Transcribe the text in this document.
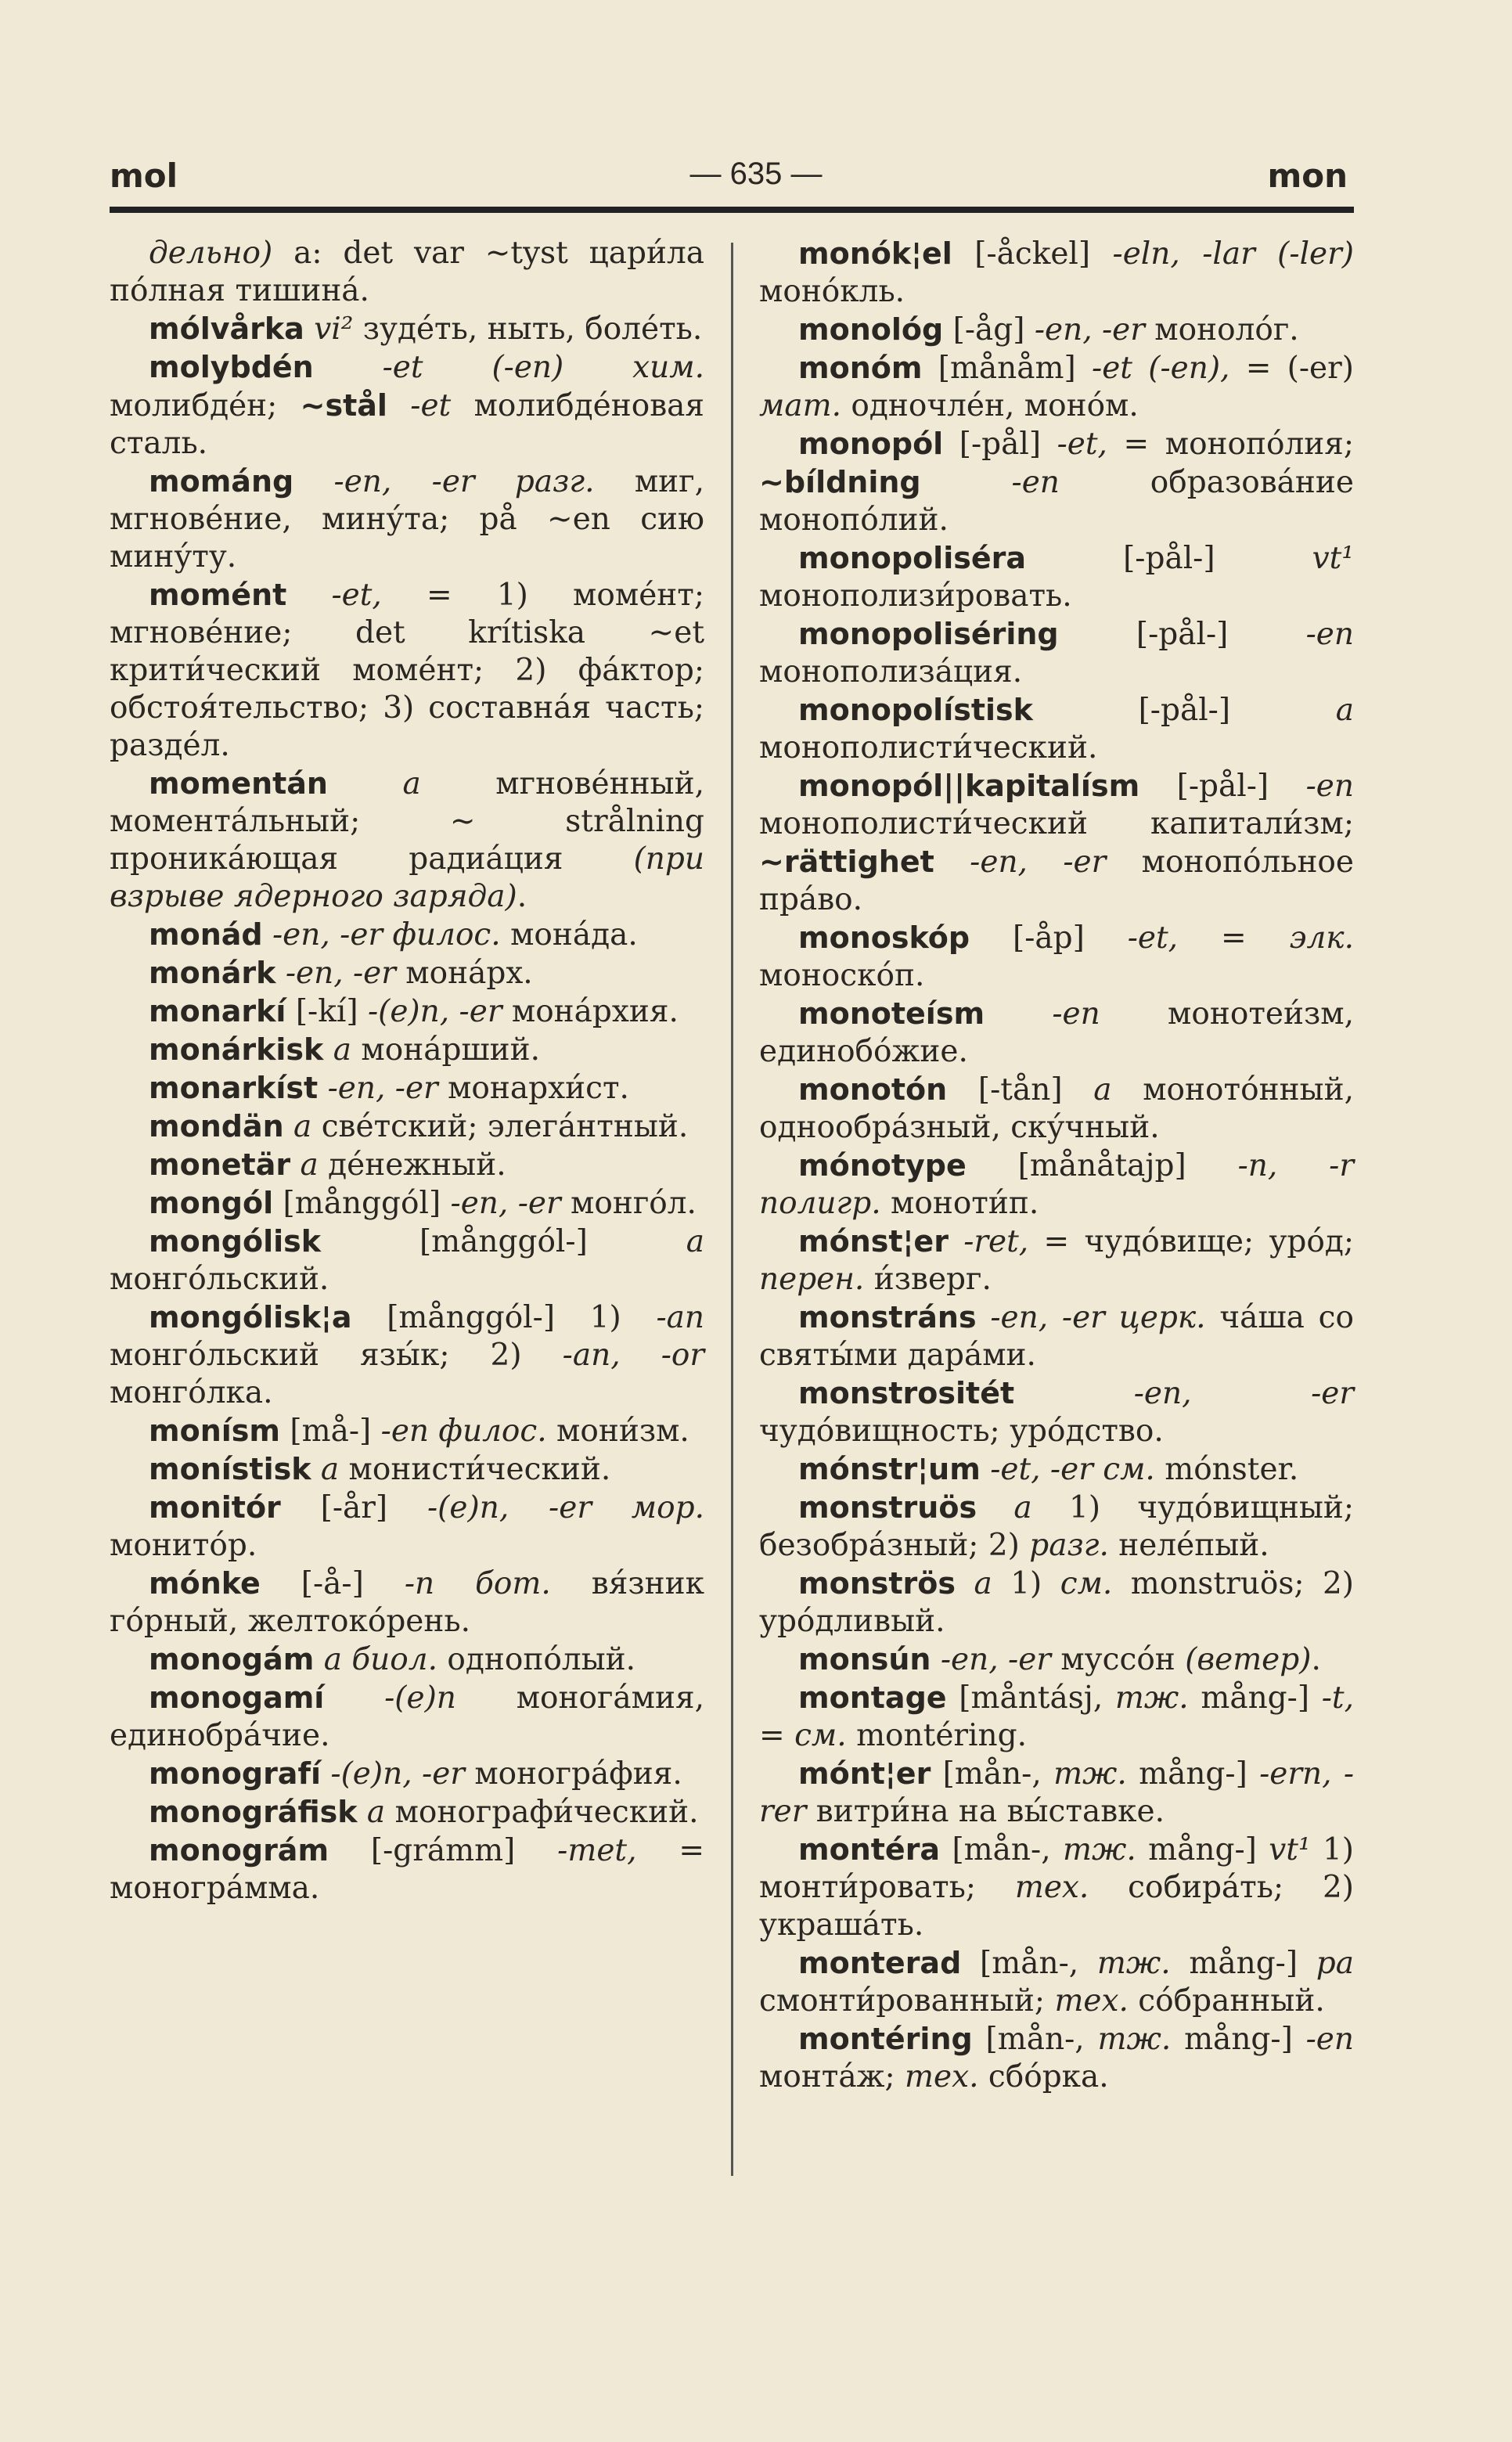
mol	— 635 —	mon

дельно) a: det var ~tyst цари́ла по́лная тишина́.

mólvårka vi² зуде́ть, ныть, боле́ть.

molybdén -et (-en) хим. молибде́н; ~stål -et молибде́новая сталь.

mománg -en, -er разг. миг, мгнове́ние, мину́та; på ~en сию мину́ту.

momént -et, = 1) моме́нт; мгнове́ние; det krítiska ~et крити́ческий моме́нт; 2) фа́ктор; обстоя́тельство; 3) составна́я часть; разде́л.

momentán a мгнове́нный, момента́льный; ~ strålning проника́ющая радиа́ция (при взрыве ядерного заряда).

monád -en, -er филос. мона́да.

monárk -en, -er мона́рх.

monarkí [-kí] -(e)n, -er мона́рхия.

monárkisk a мона́рший.

monarkíst -en, -er монархи́ст.

mondän a све́тский; элега́нтный.

monetär a де́нежный.

mongól [månggól] -en, -er монго́л.

mongólisk [månggól-] a монго́льский.

mongólisk¦a [månggól-] 1) -an монго́льский язы́к; 2) -an, -or монго́лка.

monísm [må-] -en филос. мони́зм.

monístisk a монисти́ческий.

monitór [-år] -(e)n, -er мор. монито́р.

mónke [-å-] -n бот. вя́зник го́рный, желтоко́рень.

monogám a биол. однопо́лый.

monogamí -(e)n монога́мия, единобра́чие.

monografí -(e)n, -er моногра́фия.

monográfisk a монографи́ческий.

monográm [-grámm] -met, = моногра́мма.

monók¦el [-åckel] -eln, -lar (-ler) моно́кль.

monológ [-åg] -en, -er моноло́г.

monóm [månåm] -et (-en), = (-er) мат. одночле́н, моно́м.

monopól [-pål] -et, = монопо́лия; ~bíldning -en образова́ние монопо́лий.

monopoliséra [-pål-] vt¹ монополизи́ровать.

monopolisе́ring [-pål-] -en монополиза́ция.

monopolístisk [-pål-] a монополисти́ческий.

monopól||kapitalísm [-pål-] -en монополисти́ческий капитали́зм; ~rättighet -en, -er монопо́льное пра́во.

monoskóp [-åp] -et, = элк. моноско́п.

monoteísm -en монотеи́зм, единобо́жие.

monotón [-tån] a моното́нный, однообра́зный, ску́чный.

mónotype [månåtajp] -n, -r полигр. моноти́п.

mónst¦er -ret, = чудо́вище; уро́д; перен. и́зверг.

monstráns -en, -er церк. ча́ша со святы́ми дара́ми.

monstrositét -en, -er чудо́вищность; уро́дство.

mónstr¦um -et, -er см. mónster.

monstruös a 1) чудо́вищный; безобра́зный; 2) разг. неле́пый.

monströs a 1) см. monstruös; 2) уро́дливый.

monsún -en, -er муссо́н (ветер).

montage [måntásj, тж. mång-] -t, = см. montéring.

mónt¦er [mån-, тж. mång-] -ern, -rer витри́на на вы́ставке.

montéra [mån-, тж. mång-] vt¹ 1) монти́ровать; тех. собира́ть; 2) украша́ть.

monterad [mån-, тж. mång-] pa смонти́рованный; тех. со́бранный.

montéring [mån-, тж. mång-] -en монта́ж; тех. сбо́рка.
